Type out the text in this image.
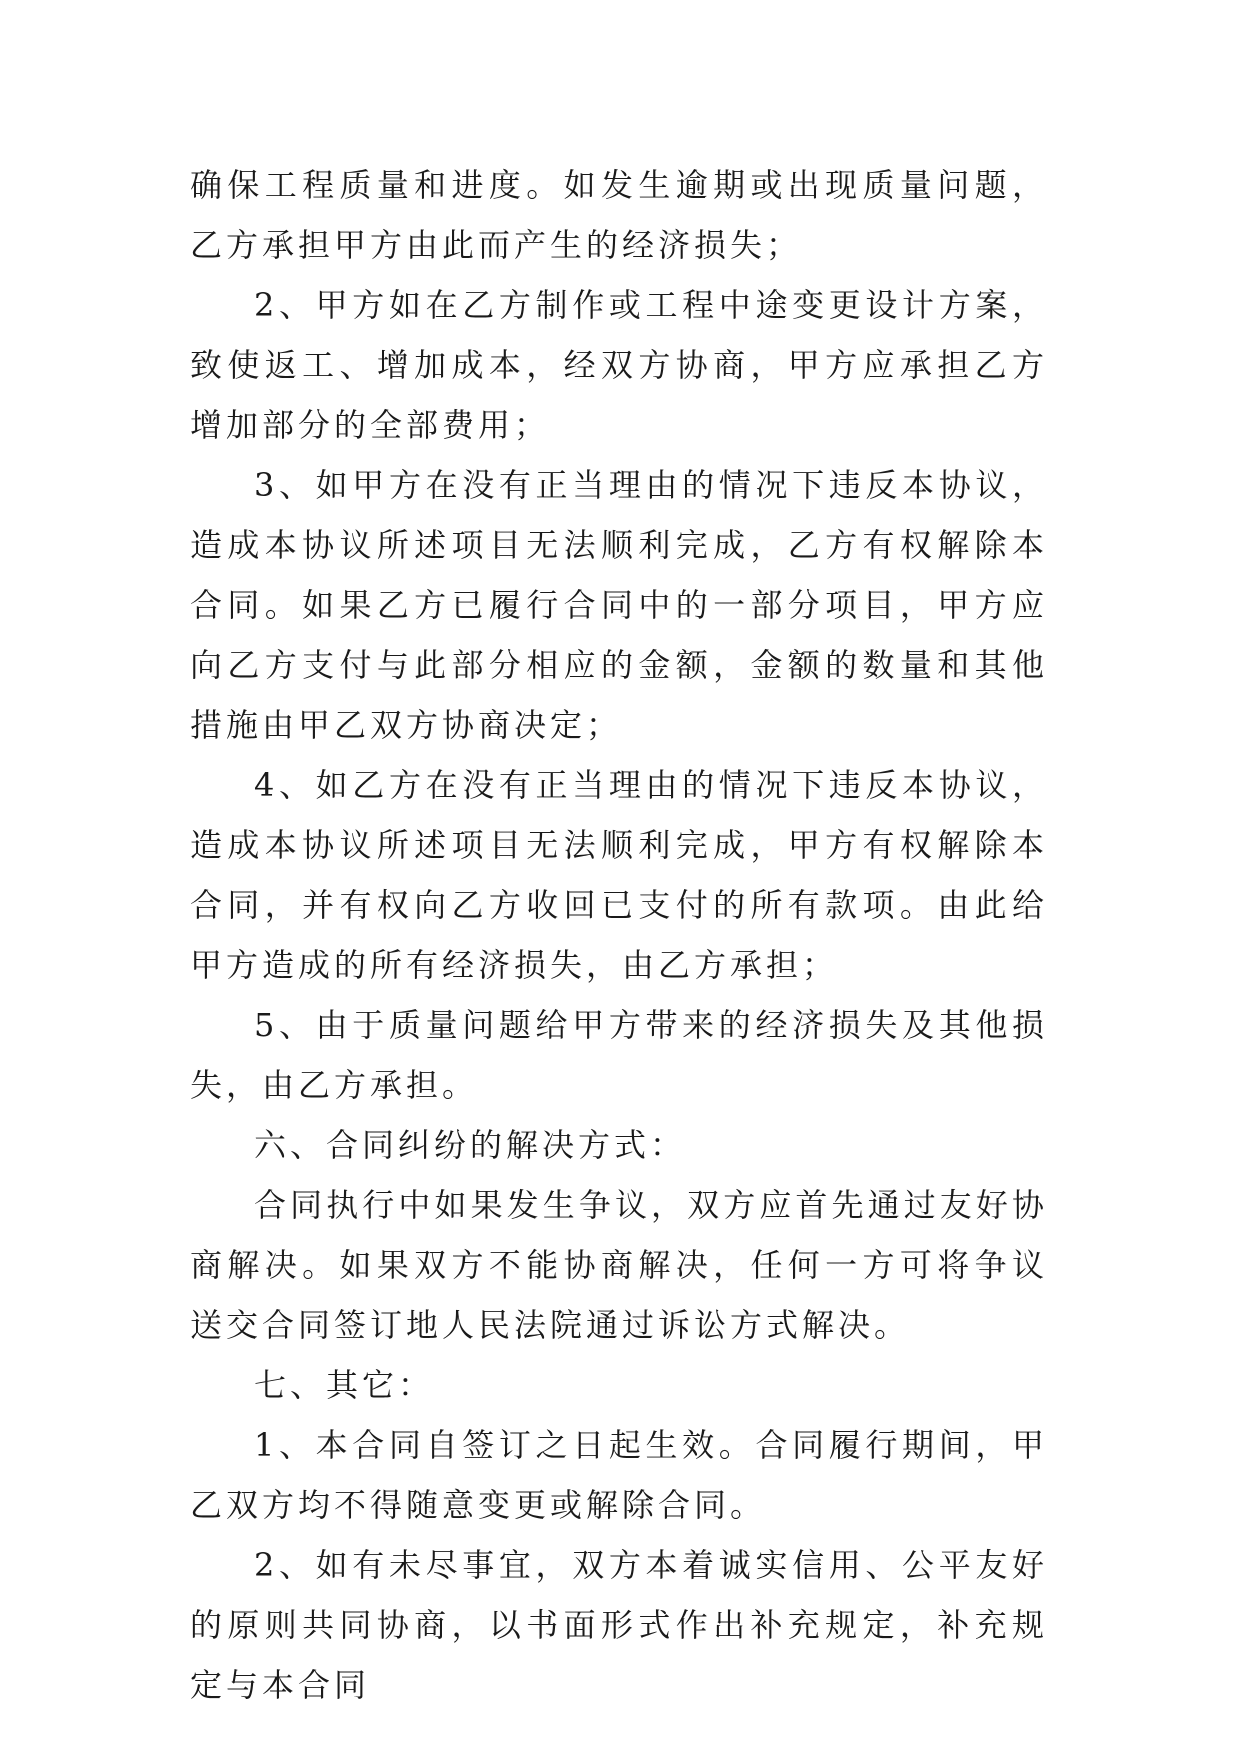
确保工程质量和进度。如发生逾期或出现质量问题，乙方承担甲方由此而产生的经济损失；

2、甲方如在乙方制作或工程中途变更设计方案，致使返工、增加成本，经双方协商，甲方应承担乙方增加部分的全部费用；

3、如甲方在没有正当理由的情况下违反本协议，造成本协议所述项目无法顺利完成，乙方有权解除本合同。如果乙方已履行合同中的一部分项目，甲方应向乙方支付与此部分相应的金额，金额的数量和其他措施由甲乙双方协商决定；

4、如乙方在没有正当理由的情况下违反本协议，造成本协议所述项目无法顺利完成，甲方有权解除本合同，并有权向乙方收回已支付的所有款项。由此给甲方造成的所有经济损失，由乙方承担；

5、由于质量问题给甲方带来的经济损失及其他损失，由乙方承担。

六、合同纠纷的解决方式：

合同执行中如果发生争议，双方应首先通过友好协商解决。如果双方不能协商解决，任何一方可将争议送交合同签订地人民法院通过诉讼方式解决。

七、其它：

1、本合同自签订之日起生效。合同履行期间，甲乙双方均不得随意变更或解除合同。

2、如有未尽事宜，双方本着诚实信用、公平友好的原则共同协商，以书面形式作出补充规定，补充规定与本合同
